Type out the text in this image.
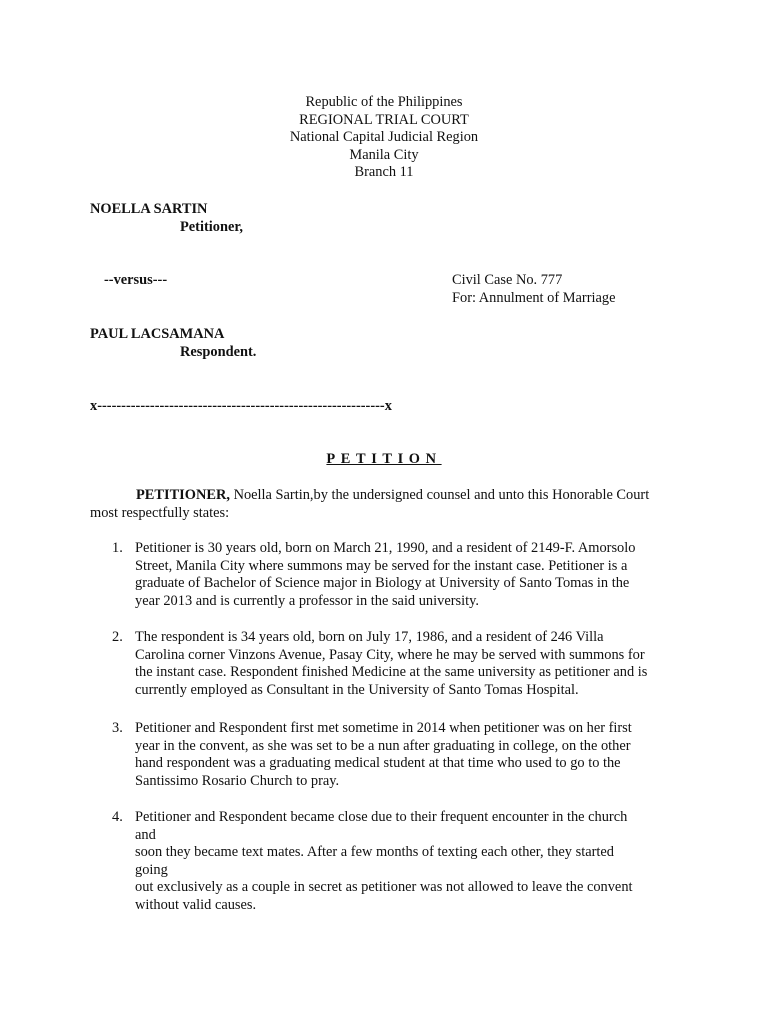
Republic of the Philippines
REGIONAL TRIAL COURT
National Capital Judicial Region
Manila City
Branch 11
NOELLA SARTIN
Petitioner,
--versus---	Civil Case No. 777
For: Annulment of Marriage
PAUL LACSAMANA
Respondent.
x------------------------------------------------------------x
PETITION
PETITIONER, Noella Sartin,by the undersigned counsel and unto this Honorable Court
most respectfully states:
1. Petitioner is 30 years old, born on March 21, 1990, and a resident of 2149-F. Amorsolo
Street, Manila City where summons may be served for the instant case. Petitioner is a
graduate of Bachelor of Science major in Biology at University of Santo Tomas in the
year 2013 and is currently a professor in the said university.
2. The respondent is 34 years old, born on July 17, 1986, and a resident of 246 Villa
Carolina corner Vinzons Avenue, Pasay City, where he may be served with summons for
the instant case. Respondent finished Medicine at the same university as petitioner and is
currently employed as Consultant in the University of Santo Tomas Hospital.
3. Petitioner and Respondent first met sometime in 2014 when petitioner was on her first
year in the convent, as she was set to be a nun after graduating in college, on the other
hand respondent was a graduating medical student at that time who used to go to the
Santissimo Rosario Church to pray.
4. Petitioner and Respondent became close due to their frequent encounter in the church and
soon they became text mates. After a few months of texting each other, they started going
out exclusively as a couple in secret as petitioner was not allowed to leave the convent
without valid causes.
